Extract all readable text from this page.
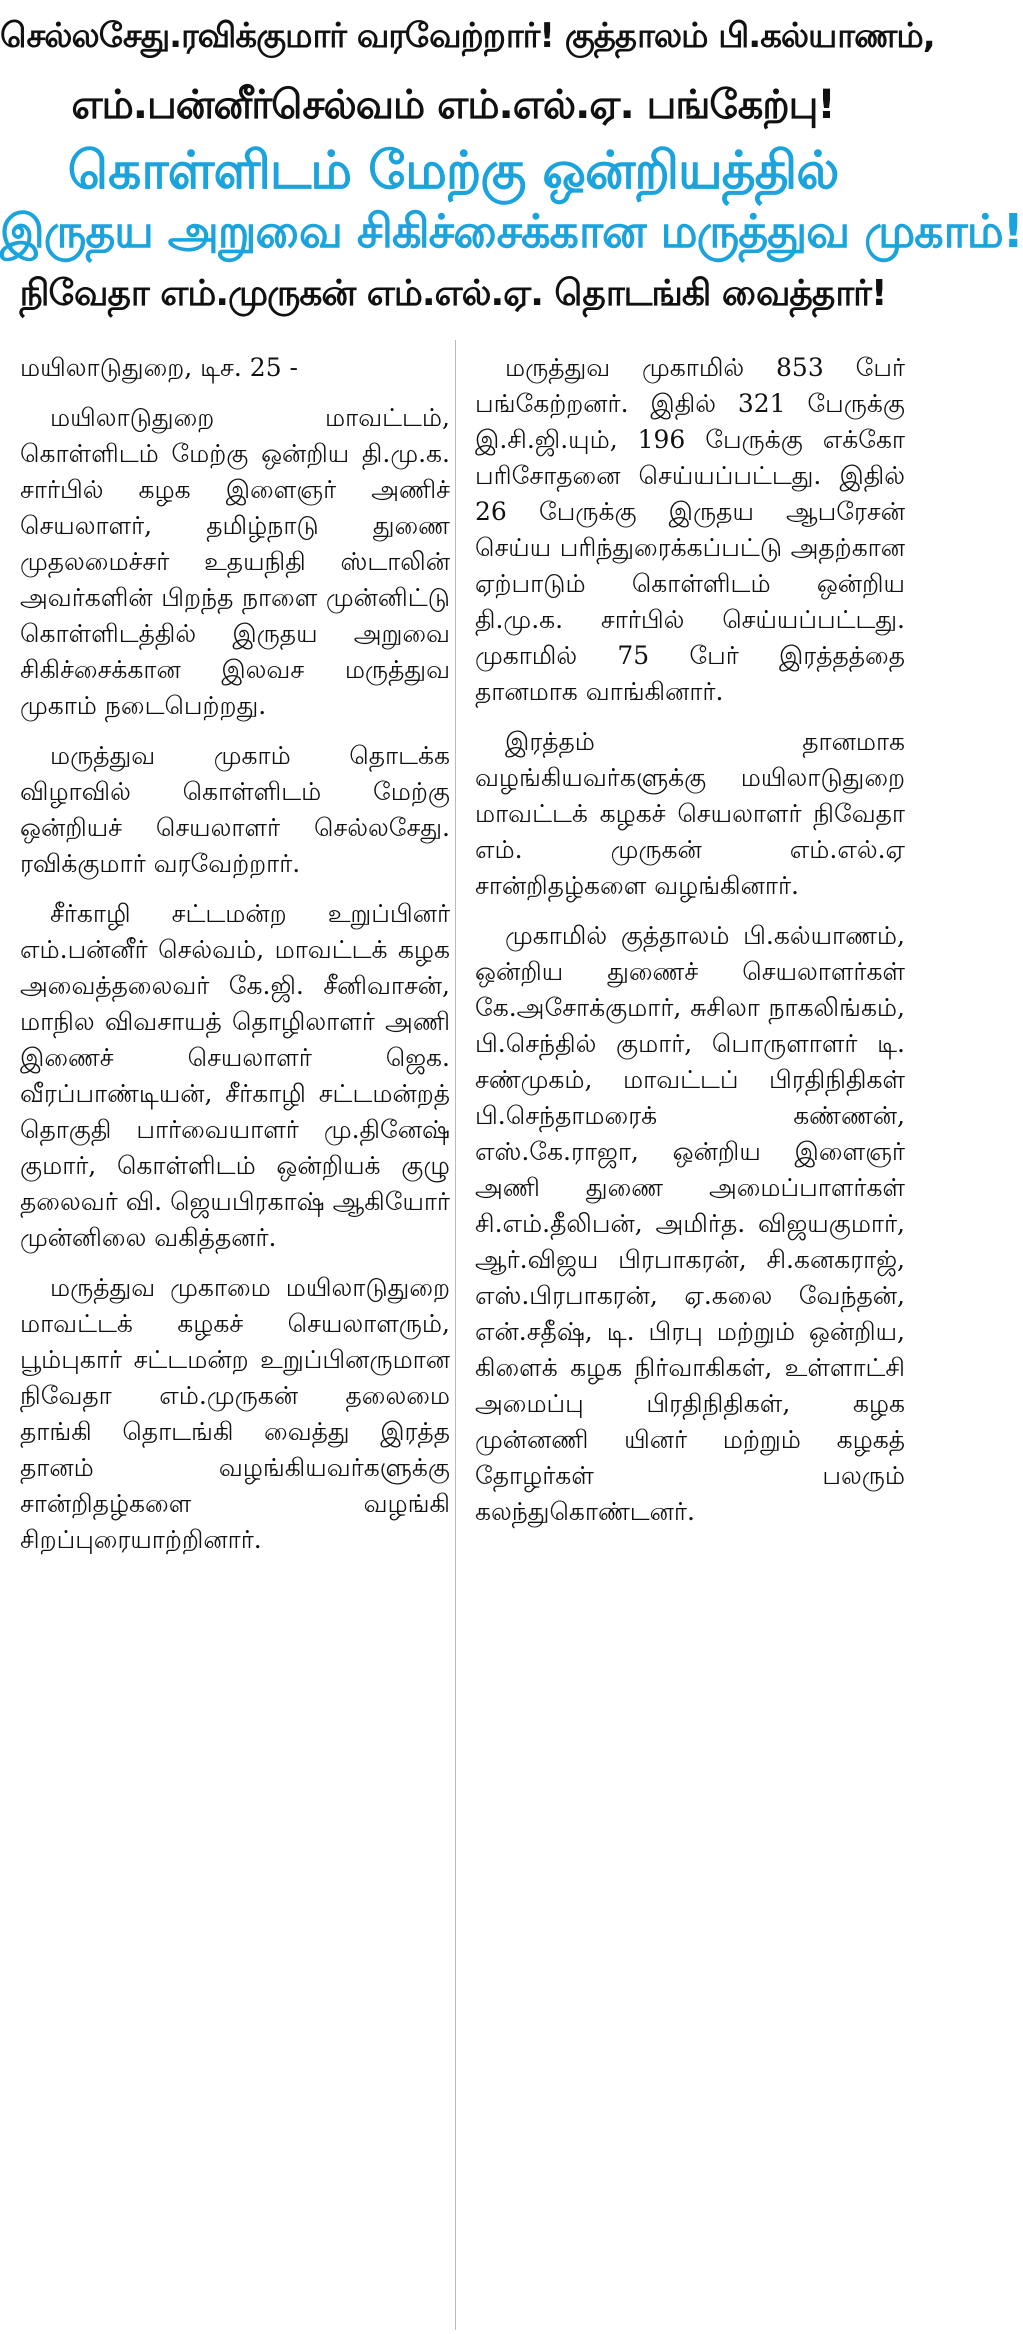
செல்லசேது.ரவிக்குமார் வரவேற்றார்! குத்தாலம் பி.கல்யாணம்,
எம்.பன்னீர்செல்வம் எம்.எல்.ஏ. பங்கேற்பு!
கொள்ளிடம் மேற்கு ஒன்றியத்தில்
இருதய அறுவை சிகிச்சைக்கான மருத்துவ முகாம்!
நிவேதா எம்.முருகன் எம்.எல்.ஏ. தொடங்கி வைத்தார்!

மயிலாடுதுறை, டிச. 25 -

மயிலாடுதுறை மாவட்டம், கொள்ளிடம் மேற்கு ஒன்றிய தி.மு.க. சார்பில் கழக இளைஞர் அணிச் செயலாளர், தமிழ்நாடு துணை முதலமைச்சர் உதயநிதி ஸ்டாலின் அவர்களின் பிறந்த நாளை முன்னிட்டு கொள்ளிடத்தில் இருதய அறுவை சிகிச்சைக்கான இலவச மருத்துவ முகாம் நடைபெற்றது.

மருத்துவ முகாம் தொடக்க விழாவில் கொள்ளிடம் மேற்கு ஒன்றியச் செயலாளர் செல்லசேது. ரவிக்குமார் வரவேற்றார்.

சீர்காழி சட்டமன்ற உறுப்பினர் எம்.பன்னீர் செல்வம், மாவட்டக் கழக அவைத்தலைவர் கே.ஜி. சீனிவாசன், மாநில விவசாயத் தொழிலாளர் அணி இணைச் செயலாளர் ஜெக. வீரப்பாண்டியன், சீர்காழி சட்டமன்றத் தொகுதி பார்வையாளர் மு.தினேஷ் குமார், கொள்ளிடம் ஒன்றியக் குழு தலைவர் வி. ஜெயபிரகாஷ் ஆகியோர் முன்னிலை வகித்தனர்.

மருத்துவ முகாமை மயிலாடுதுறை மாவட்டக் கழகச் செயலாளரும், பூம்புகார் சட்டமன்ற உறுப்பினருமான நிவேதா எம்.முருகன் தலைமை தாங்கி தொடங்கி வைத்து இரத்த தானம் வழங்கியவர்களுக்கு சான்றிதழ்களை வழங்கி சிறப்புரையாற்றினார்.

மருத்துவ முகாமில் 853 பேர் பங்கேற்றனர். இதில் 321 பேருக்கு இ.சி.ஜி.யும், 196 பேருக்கு எக்கோ பரிசோதனை செய்யப்பட்டது. இதில் 26 பேருக்கு இருதய ஆபரேசன் செய்ய பரிந்துரைக்கப்பட்டு அதற்கான ஏற்பாடும் கொள்ளிடம் ஒன்றிய தி.மு.க. சார்பில் செய்யப்பட்டது. முகாமில் 75 பேர் இரத்தத்தை தானமாக வாங்கினார்.

இரத்தம் தானமாக வழங்கியவர்களுக்கு மயிலாடுதுறை மாவட்டக் கழகச் செயலாளர் நிவேதா எம். முருகன் எம்.எல்.ஏ சான்றிதழ்களை வழங்கினார்.

முகாமில் குத்தாலம் பி.கல்யாணம், ஒன்றிய துணைச் செயலாளர்கள் கே.அசோக்குமார், சுசிலா நாகலிங்கம், பி.செந்தில் குமார், பொருளாளர் டி. சண்முகம், மாவட்டப் பிரதிநிதிகள் பி.செந்தாமரைக் கண்ணன், எஸ்.கே.ராஜா, ஒன்றிய இளைஞர் அணி துணை அமைப்பாளர்கள் சி.எம்.தீலிபன், அமிர்த. விஜயகுமார், ஆர்.விஜய பிரபாகரன், சி.கனகராஜ், எஸ்.பிரபாகரன், ஏ.கலை வேந்தன், என்.சதீஷ், டி. பிரபு மற்றும் ஒன்றிய, கிளைக் கழக நிர்வாகிகள், உள்ளாட்சி அமைப்பு பிரதிநிதிகள், கழக முன்னணி யினர் மற்றும் கழகத் தோழர்கள் பலரும் கலந்துகொண்டனர்.
